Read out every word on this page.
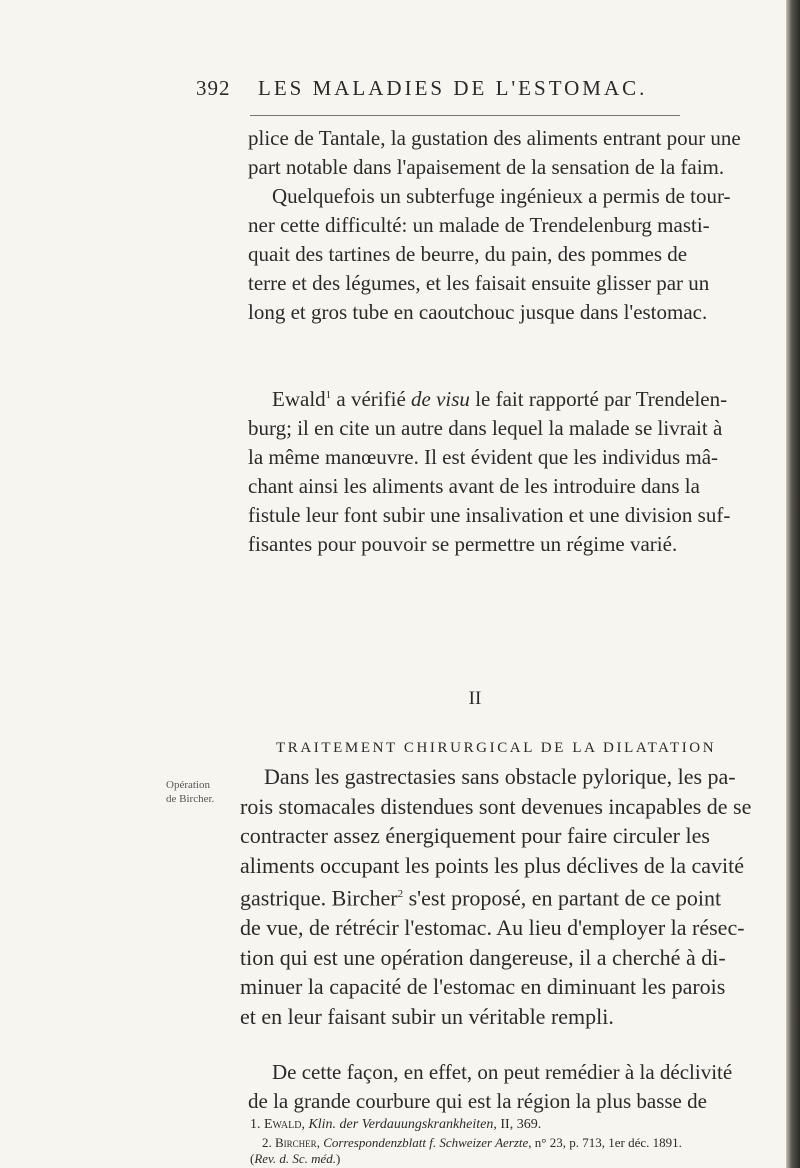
392 LES MALADIES DE L'ESTOMAC.
plice de Tantale, la gustation des aliments entrant pour une
part notable dans l'apaisement de la sensation de la faim.
Quelquefois un subterfuge ingénieux a permis de tour-
ner cette difficulté: un malade de Trendelenburg masti-
quait des tartines de beurre, du pain, des pommes de
terre et des légumes, et les faisait ensuite glisser par un
long et gros tube en caoutchouc jusque dans l'estomac.
Ewald$^1$ a vérifié de visu le fait rapporté par Trendelen-
burg; il en cite un autre dans lequel la malade se livrait à
la même manœuvre. Il est évident que les individus mâ-
chant ainsi les aliments avant de les introduire dans la
fistule leur font subir une insalivation et une division suf-
fisantes pour pouvoir se permettre un régime varié.
II
TRAITEMENT CHIRURGICAL DE LA DILATATION
Opération
de Bircher.
Dans les gastrectasies sans obstacle pylorique, les pa-
rois stomacales distendues sont devenues incapables de se
contracter assez énergiquement pour faire circuler les
aliments occupant les points les plus déclives de la cavité
gastrique. Bircher$^2$ s'est proposé, en partant de ce point
de vue, de rétrécir l'estomac. Au lieu d'employer la résec-
tion qui est une opération dangereuse, il a cherché à di-
minuer la capacité de l'estomac en diminuant les parois
et en leur faisant subir un véritable rempli.
De cette façon, en effet, on peut remédier à la déclivité
de la grande courbure qui est la région la plus basse de
1. Ewald, Klin. der Verdauungskrankheiten, II, 369.
2. Bircher, Correspondenzblatt f. Schweizer Aerzte, n° 23, p. 713, 1er déc. 1891.
(Rev. d. Sc. méd.)
